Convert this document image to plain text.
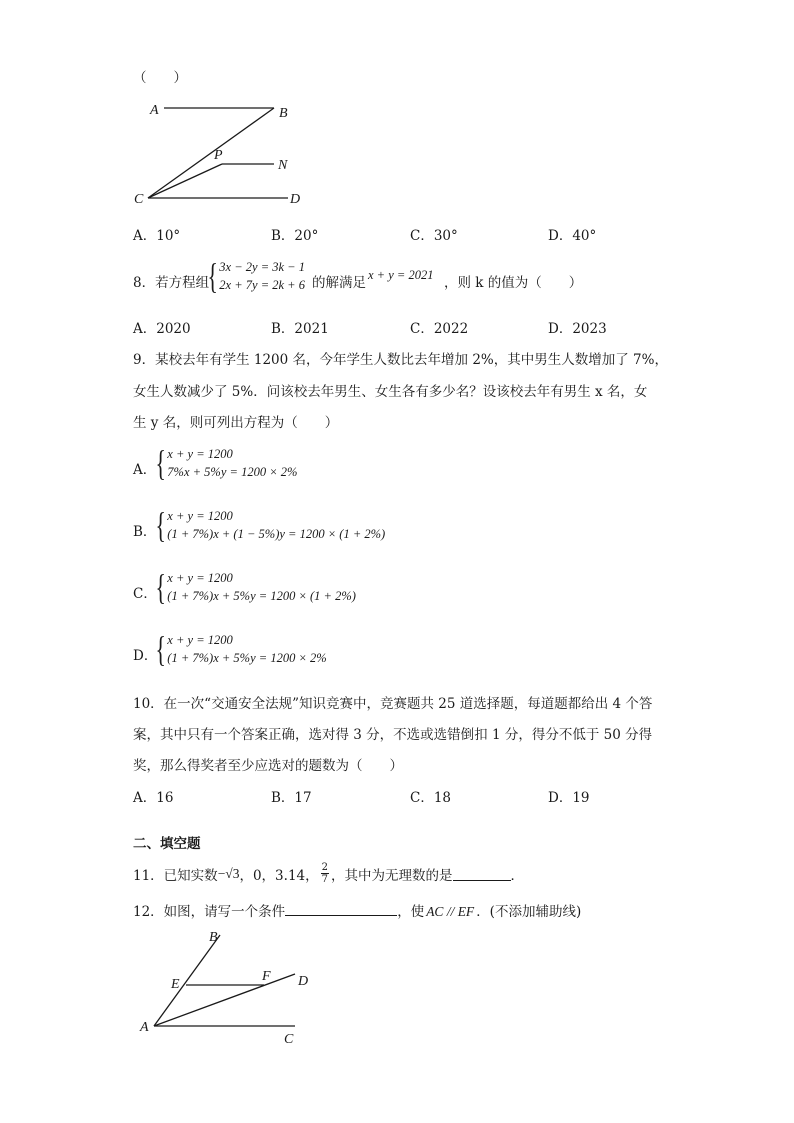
（　　）
A	B
P
N
C	D
A．10°	B．20°	C．30°	D．40°
8．若方程组
{ 3x − 2y = 3k − 1
2x + 7y = 2k + 6 的解满足 x + y = 2021 ，则 k 的值为（　　）
A．2020	B．2021	C．2022	D．2023
9．某校去年有学生 1200 名，今年学生人数比去年增加 2%，其中男生人数增加了 7%，
女生人数减少了 5%．问该校去年男生、女生各有多少名？设该校去年有男生 x 名，女
生 y 名，则可列出方程为（　　）
A． { x + y = 1200
7%x + 5%y = 1200 × 2%
B． { x + y = 1200
(1 + 7%)x + (1 − 5%)y = 1200 × (1 + 2%)
C．
{ x + y = 1200
(1 + 7%)x + 5%y = 1200 × (1 + 2%)
D．
{ x + y = 1200
(1 + 7%)x + 5%y = 1200 × 2%
10．在一次“交通安全法规”知识竞赛中，竞赛题共 25 道选择题，每道题都给出 4 个答
案，其中只有一个答案正确，选对得 3 分，不选或选错倒扣 1 分，得分不低于 50 分得
奖，那么得奖者至少应选对的题数为（　　）
A．16	B．17	C．18	D．19
二、填空题
11．已知实数 −√3 ，0，3.14， $\frac{2}{7}$ ，其中为无理数的是	．
12．如图，请写一个条件	，使 AC // EF ．(不添加辅助线)
B
E
F D
A
C
